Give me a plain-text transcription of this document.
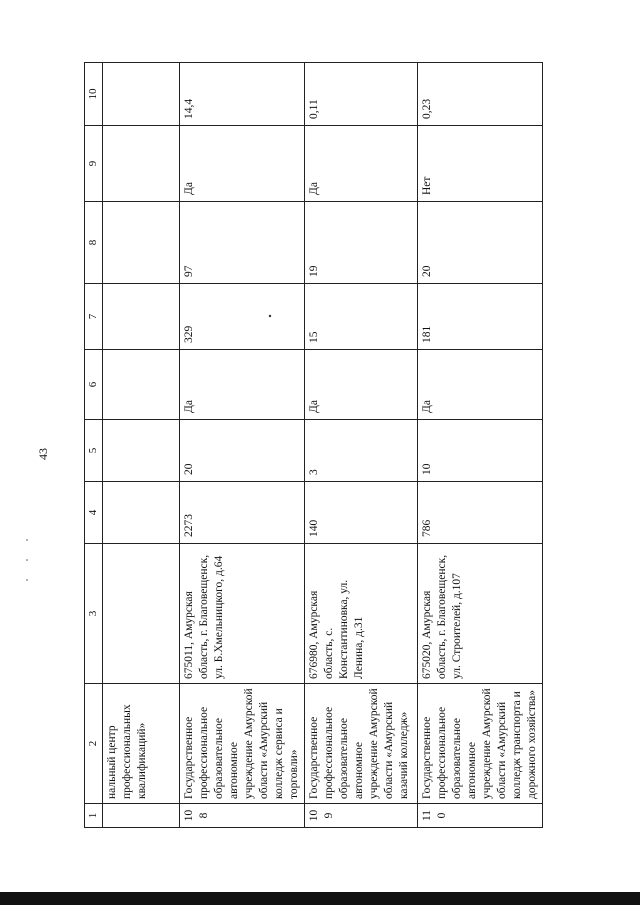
43
1	2	3	4	5	6	7	8	9	10
	нальный центр профессиональных квалификаций»								
108	Государственное профессиональное образовательное автономное учреждение Амурской области «Амурский колледж сервиса и торговли»	675011, Амурская область, г. Благовещенск, ул. Б.Хмельницкого, д.64	2273	20	Да	329	97	Да	14,4
109	Государственное профессиональное образовательное автономное учреждение Амурской области «Амурский казачий колледж»	676980, Амурская область, с. Константиновка, ул. Ленина, д.31	140	3	Да	15	19	Да	0,11
110	Государственное профессиональное образовательное автономное учреждение Амурской области «Амурский колледж транспорта и дорожного хозяйства»	675020, Амурская область, г. Благовещенск, ул. Строителей, д.107	786	10	Да	181	20	Нет	0,23
